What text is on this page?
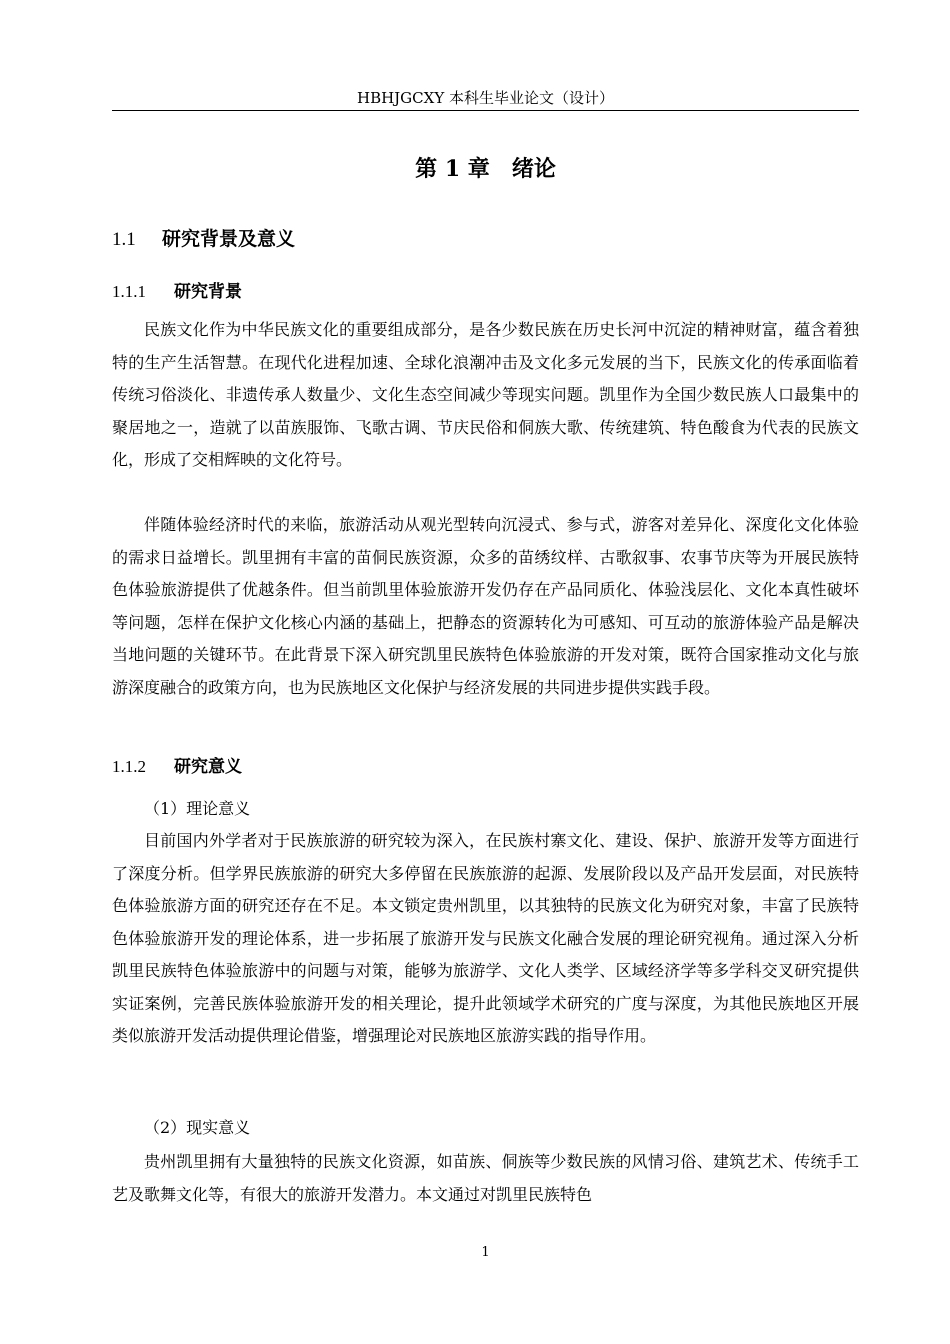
HBHJGCXY 本科生毕业论文（设计）
第 1 章 绪论
1.1 研究背景及意义
1.1.1 研究背景

民族文化作为中华民族文化的重要组成部分，是各少数民族在历史长河中沉淀的精神财富，蕴含着独特的生产生活智慧。在现代化进程加速、全球化浪潮冲击及文化多元发展的当下，民族文化的传承面临着传统习俗淡化、非遗传承人数量少、文化生态空间减少等现实问题。凯里作为全国少数民族人口最集中的聚居地之一，造就了以苗族服饰、飞歌古调、节庆民俗和侗族大歌、传统建筑、特色酸食为代表的民族文化，形成了交相辉映的文化符号。

伴随体验经济时代的来临，旅游活动从观光型转向沉浸式、参与式，游客对差异化、深度化文化体验的需求日益增长。凯里拥有丰富的苗侗民族资源，众多的苗绣纹样、古歌叙事、农事节庆等为开展民族特色体验旅游提供了优越条件。但当前凯里体验旅游开发仍存在产品同质化、体验浅层化、文化本真性破坏等问题，怎样在保护文化核心内涵的基础上，把静态的资源转化为可感知、可互动的旅游体验产品是解决当地问题的关键环节。在此背景下深入研究凯里民族特色体验旅游的开发对策，既符合国家推动文化与旅游深度融合的政策方向，也为民族地区文化保护与经济发展的共同进步提供实践手段。

1.1.2 研究意义
（1）理论意义

目前国内外学者对于民族旅游的研究较为深入，在民族村寨文化、建设、保护、旅游开发等方面进行了深度分析。但学界民族旅游的研究大多停留在民族旅游的起源、发展阶段以及产品开发层面，对民族特色体验旅游方面的研究还存在不足。本文锁定贵州凯里，以其独特的民族文化为研究对象，丰富了民族特色体验旅游开发的理论体系，进一步拓展了旅游开发与民族文化融合发展的理论研究视角。通过深入分析凯里民族特色体验旅游中的问题与对策，能够为旅游学、文化人类学、区域经济学等多学科交叉研究提供实证案例，完善民族体验旅游开发的相关理论，提升此领域学术研究的广度与深度，为其他民族地区开展类似旅游开发活动提供理论借鉴，增强理论对民族地区旅游实践的指导作用。

（2）现实意义

贵州凯里拥有大量独特的民族文化资源，如苗族、侗族等少数民族的风情习俗、建筑艺术、传统手工艺及歌舞文化等，有很大的旅游开发潜力。本文通过对凯里民族特色

1
